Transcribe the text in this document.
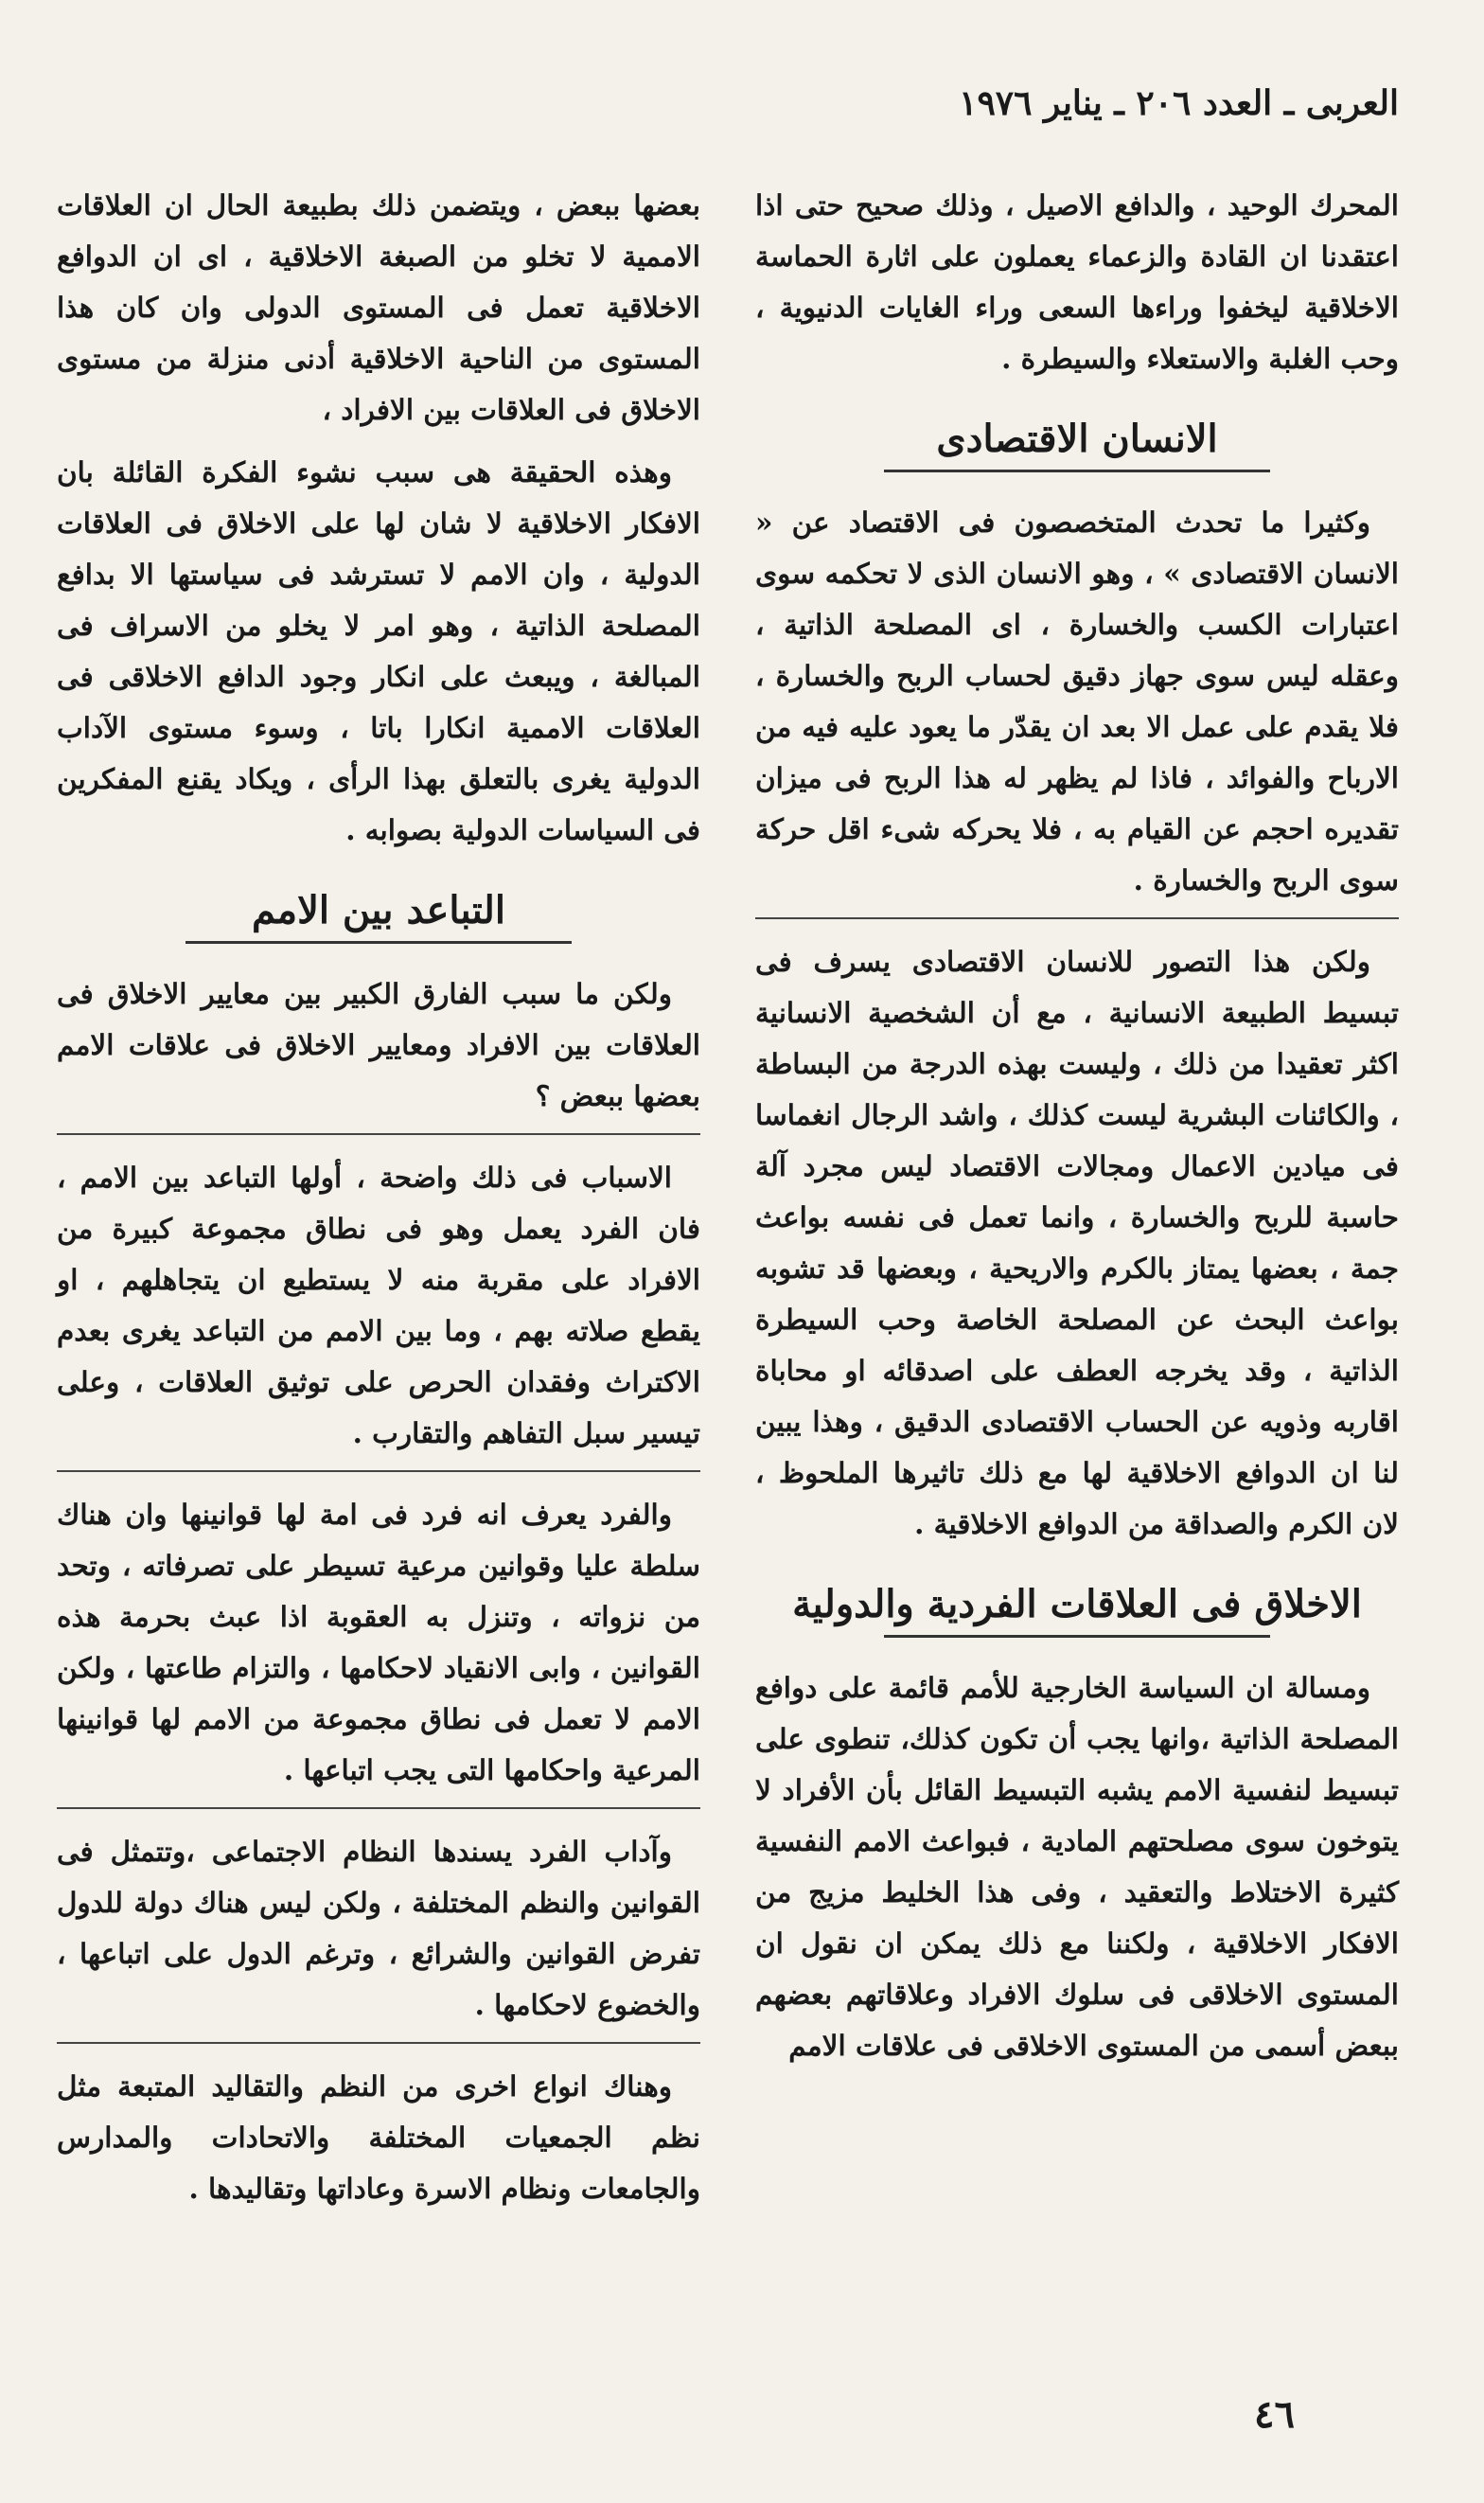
العربى ـ العدد ٢٠٦ ـ يناير ١٩٧٦

المحرك الوحيد ، والدافع الاصيل ، وذلك صحيح حتى اذا اعتقدنا ان القادة والزعماء يعملون على اثارة الحماسة الاخلاقية ليخفوا وراءها السعى وراء الغايات الدنيوية ، وحب الغلبة والاستعلاء والسيطرة .

الانسان الاقتصادى

وكثيرا ما تحدث المتخصصون فى الاقتصاد عن « الانسان الاقتصادى » ، وهو الانسان الذى لا تحكمه سوى اعتبارات الكسب والخسارة ، اى المصلحة الذاتية ، وعقله ليس سوى جهاز دقيق لحساب الربح والخسارة ، فلا يقدم على عمل الا بعد ان يقدّر ما يعود عليه فيه من الارباح والفوائد ، فاذا لم يظهر له هذا الربح فى ميزان تقديره احجم عن القيام به ، فلا يحركه شىء اقل حركة سوى الربح والخسارة .

ولكن هذا التصور للانسان الاقتصادى يسرف فى تبسيط الطبيعة الانسانية ، مع أن الشخصية الانسانية اكثر تعقيدا من ذلك ، وليست بهذه الدرجة من البساطة ، والكائنات البشرية ليست كذلك ، واشد الرجال انغماسا فى ميادين الاعمال ومجالات الاقتصاد ليس مجرد آلة حاسبة للربح والخسارة ، وانما تعمل فى نفسه بواعث جمة ، بعضها يمتاز بالكرم والاريحية ، وبعضها قد تشوبه بواعث البحث عن المصلحة الخاصة وحب السيطرة الذاتية ، وقد يخرجه العطف على اصدقائه او محاباة اقاربه وذويه عن الحساب الاقتصادى الدقيق ، وهذا يبين لنا ان الدوافع الاخلاقية لها مع ذلك تاثيرها الملحوظ ، لان الكرم والصداقة من الدوافع الاخلاقية .

الاخلاق فى العلاقات الفردية والدولية

ومسالة ان السياسة الخارجية للأمم قائمة على دوافع المصلحة الذاتية ،وانها يجب أن تكون كذلك، تنطوى على تبسيط لنفسية الامم يشبه التبسيط القائل بأن الأفراد لا يتوخون سوى مصلحتهم المادية ، فبواعث الامم النفسية كثيرة الاختلاط والتعقيد ، وفى هذا الخليط مزيج من الافكار الاخلاقية ، ولكننا مع ذلك يمكن ان نقول ان المستوى الاخلاقى فى سلوك الافراد وعلاقاتهم بعضهم ببعض أسمى من المستوى الاخلاقى فى علاقات الامم

بعضها ببعض ، ويتضمن ذلك بطبيعة الحال ان العلاقات الاممية لا تخلو من الصبغة الاخلاقية ، اى ان الدوافع الاخلاقية تعمل فى المستوى الدولى وان كان هذا المستوى من الناحية الاخلاقية أدنى منزلة من مستوى الاخلاق فى العلاقات بين الافراد ،

وهذه الحقيقة هى سبب نشوء الفكرة القائلة بان الافكار الاخلاقية لا شان لها على الاخلاق فى العلاقات الدولية ، وان الامم لا تسترشد فى سياستها الا بدافع المصلحة الذاتية ، وهو امر لا يخلو من الاسراف فى المبالغة ، ويبعث على انكار وجود الدافع الاخلاقى فى العلاقات الاممية انكارا باتا ، وسوء مستوى الآداب الدولية يغرى بالتعلق بهذا الرأى ، ويكاد يقنع المفكرين فى السياسات الدولية بصوابه .

التباعد بين الامم

ولكن ما سبب الفارق الكبير بين معايير الاخلاق فى العلاقات بين الافراد ومعايير الاخلاق فى علاقات الامم بعضها ببعض ؟

الاسباب فى ذلك واضحة ، أولها التباعد بين الامم ، فان الفرد يعمل وهو فى نطاق مجموعة كبيرة من الافراد على مقربة منه لا يستطيع ان يتجاهلهم ، او يقطع صلاته بهم ، وما بين الامم من التباعد يغرى بعدم الاكتراث وفقدان الحرص على توثيق العلاقات ، وعلى تيسير سبل التفاهم والتقارب .

والفرد يعرف انه فرد فى امة لها قوانينها وان هناك سلطة عليا وقوانين مرعية تسيطر على تصرفاته ، وتحد من نزواته ، وتنزل به العقوبة اذا عبث بحرمة هذه القوانين ، وابى الانقياد لاحكامها ، والتزام طاعتها ، ولكن الامم لا تعمل فى نطاق مجموعة من الامم لها قوانينها المرعية واحكامها التى يجب اتباعها .

وآداب الفرد يسندها النظام الاجتماعى ،وتتمثل فى القوانين والنظم المختلفة ، ولكن ليس هناك دولة للدول تفرض القوانين والشرائع ، وترغم الدول على اتباعها ، والخضوع لاحكامها .

وهناك انواع اخرى من النظم والتقاليد المتبعة مثل نظم الجمعيات المختلفة والاتحادات والمدارس والجامعات ونظام الاسرة وعاداتها وتقاليدها .

٤٦
